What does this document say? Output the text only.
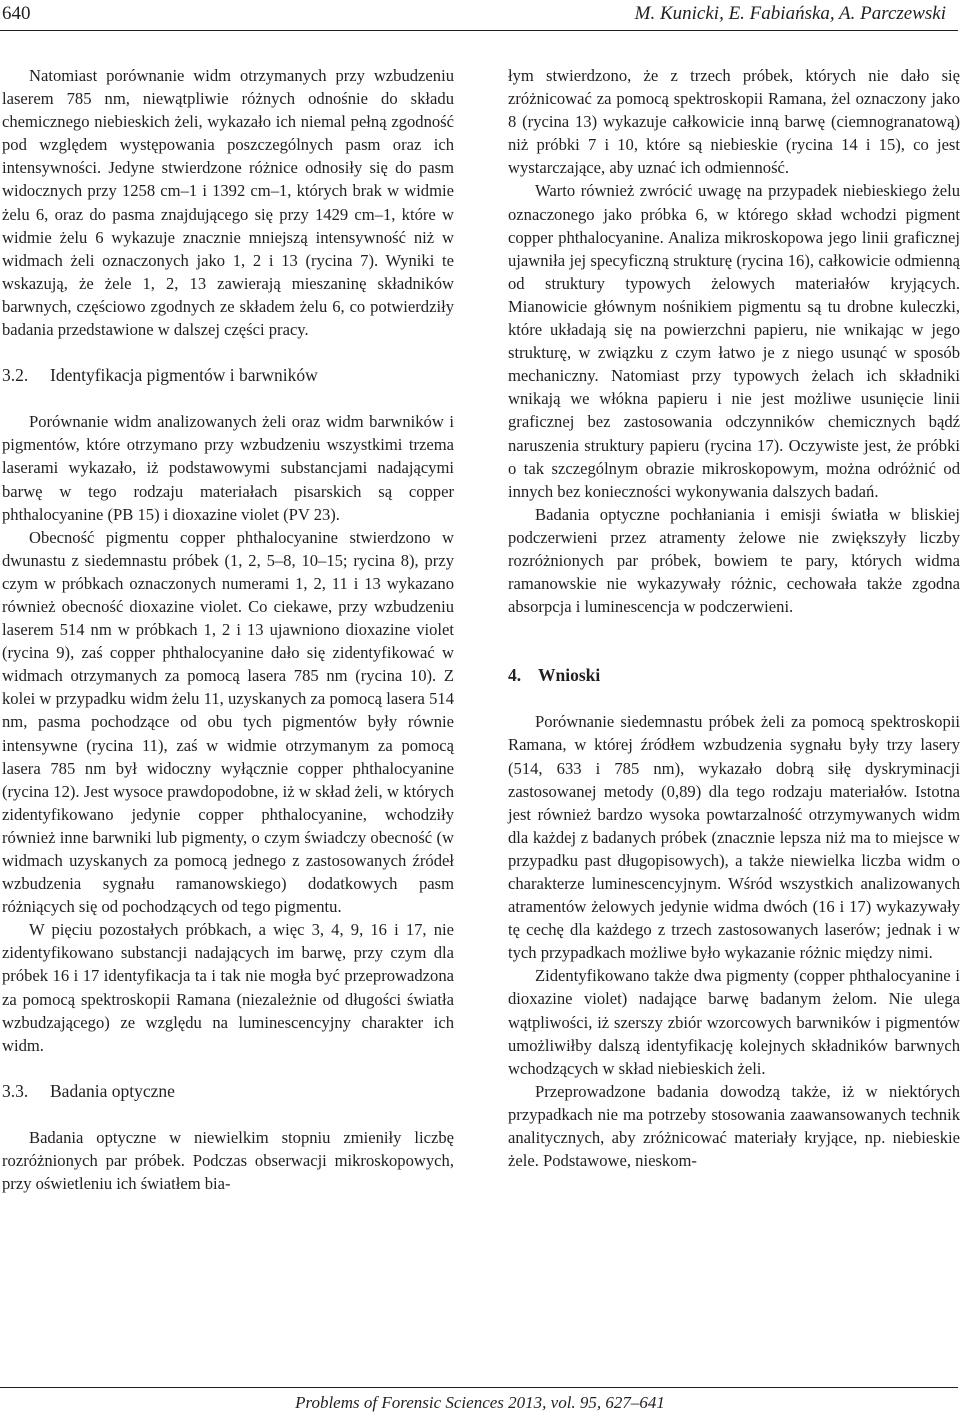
640	M. Kunicki, E. Fabiańska, A. Parczewski

Natomiast porównanie widm otrzymanych przy wzbudzeniu laserem 785 nm, niewątpliwie różnych odnośnie do składu chemicznego niebieskich żeli, wykazało ich niemal pełną zgodność pod względem występowania poszczególnych pasm oraz ich intensywności. Jedyne stwierdzone różnice odnosiły się do pasm widocznych przy 1258 cm–1 i 1392 cm–1, których brak w widmie żelu 6, oraz do pasma znajdującego się przy 1429 cm–1, które w widmie żelu 6 wykazuje znacznie mniejszą intensywność niż w widmach żeli oznaczonych jako 1, 2 i 13 (rycina 7). Wyniki te wskazują, że żele 1, 2, 13 zawierają mieszaninę składników barwnych, częściowo zgodnych ze składem żelu 6, co potwierdziły badania przedstawione w dalszej części pracy.

3.2. Identyfikacja pigmentów i barwników

Porównanie widm analizowanych żeli oraz widm barwników i pigmentów, które otrzymano przy wzbudzeniu wszystkimi trzema laserami wykazało, iż podstawowymi substancjami nadającymi barwę w tego rodzaju materiałach pisarskich są copper phthalocyanine (PB 15) i dioxazine violet (PV 23).

Obecność pigmentu copper phthalocyanine stwierdzono w dwunastu z siedemnastu próbek (1, 2, 5–8, 10–15; rycina 8), przy czym w próbkach oznaczonych numerami 1, 2, 11 i 13 wykazano również obecność dioxazine violet. Co ciekawe, przy wzbudzeniu laserem 514 nm w próbkach 1, 2 i 13 ujawniono dioxazine violet (rycina 9), zaś copper phthalocyanine dało się zidentyfikować w widmach otrzymanych za pomocą lasera 785 nm (rycina 10). Z kolei w przypadku widm żelu 11, uzyskanych za pomocą lasera 514 nm, pasma pochodzące od obu tych pigmentów były równie intensywne (rycina 11), zaś w widmie otrzymanym za pomocą lasera 785 nm był widoczny wyłącznie copper phthalocyanine (rycina 12). Jest wysoce prawdopodobne, iż w skład żeli, w których zidentyfikowano jedynie copper phthalocyanine, wchodziły również inne barwniki lub pigmenty, o czym świadczy obecność (w widmach uzyskanych za pomocą jednego z zastosowanych źródeł wzbudzenia sygnału ramanowskiego) dodatkowych pasm różniących się od pochodzących od tego pigmentu.

W pięciu pozostałych próbkach, a więc 3, 4, 9, 16 i 17, nie zidentyfikowano substancji nadających im barwę, przy czym dla próbek 16 i 17 identyfikacja ta i tak nie mogła być przeprowadzona za pomocą spektroskopii Ramana (niezależnie od długości światła wzbudzającego) ze względu na luminescencyjny charakter ich widm.

3.3. Badania optyczne

Badania optyczne w niewielkim stopniu zmieniły liczbę rozróżnionych par próbek. Podczas obserwacji mikroskopowych, przy oświetleniu ich światłem bia-

łym stwierdzono, że z trzech próbek, których nie dało się zróżnicować za pomocą spektroskopii Ramana, żel oznaczony jako 8 (rycina 13) wykazuje całkowicie inną barwę (ciemnogranatową) niż próbki 7 i 10, które są niebieskie (rycina 14 i 15), co jest wystarczające, aby uznać ich odmienność.

Warto również zwrócić uwagę na przypadek niebieskiego żelu oznaczonego jako próbka 6, w którego skład wchodzi pigment copper phthalocyanine. Analiza mikroskopowa jego linii graficznej ujawniła jej specyficzną strukturę (rycina 16), całkowicie odmienną od struktury typowych żelowych materiałów kryjących. Mianowicie głównym nośnikiem pigmentu są tu drobne kuleczki, które układają się na powierzchni papieru, nie wnikając w jego strukturę, w związku z czym łatwo je z niego usunąć w sposób mechaniczny. Natomiast przy typowych żelach ich składniki wnikają we włókna papieru i nie jest możliwe usunięcie linii graficznej bez zastosowania odczynników chemicznych bądź naruszenia struktury papieru (rycina 17). Oczywiste jest, że próbki o tak szczególnym obrazie mikroskopowym, można odróżnić od innych bez konieczności wykonywania dalszych badań.

Badania optyczne pochłaniania i emisji światła w bliskiej podczerwieni przez atramenty żelowe nie zwiększyły liczby rozróżnionych par próbek, bowiem te pary, których widma ramanowskie nie wykazywały różnic, cechowała także zgodna absorpcja i luminescencja w podczerwieni.

4. Wnioski

Porównanie siedemnastu próbek żeli za pomocą spektroskopii Ramana, w której źródłem wzbudzenia sygnału były trzy lasery (514, 633 i 785 nm), wykazało dobrą siłę dyskryminacji zastosowanej metody (0,89) dla tego rodzaju materiałów. Istotna jest również bardzo wysoka powtarzalność otrzymywanych widm dla każdej z badanych próbek (znacznie lepsza niż ma to miejsce w przypadku past długopisowych), a także niewielka liczba widm o charakterze luminescencyjnym. Wśród wszystkich analizowanych atramentów żelowych jedynie widma dwóch (16 i 17) wykazywały tę cechę dla każdego z trzech zastosowanych laserów; jednak i w tych przypadkach możliwe było wykazanie różnic między nimi.

Zidentyfikowano także dwa pigmenty (copper phthalocyanine i dioxazine violet) nadające barwę badanym żelom. Nie ulega wątpliwości, iż szerszy zbiór wzorcowych barwników i pigmentów umożliwiłby dalszą identyfikację kolejnych składników barwnych wchodzących w skład niebieskich żeli.

Przeprowadzone badania dowodzą także, iż w niektórych przypadkach nie ma potrzeby stosowania zaawansowanych technik analitycznych, aby zróżnicować materiały kryjące, np. niebieskie żele. Podstawowe, nieskom-

Problems of Forensic Sciences 2013, vol. 95, 627–641
